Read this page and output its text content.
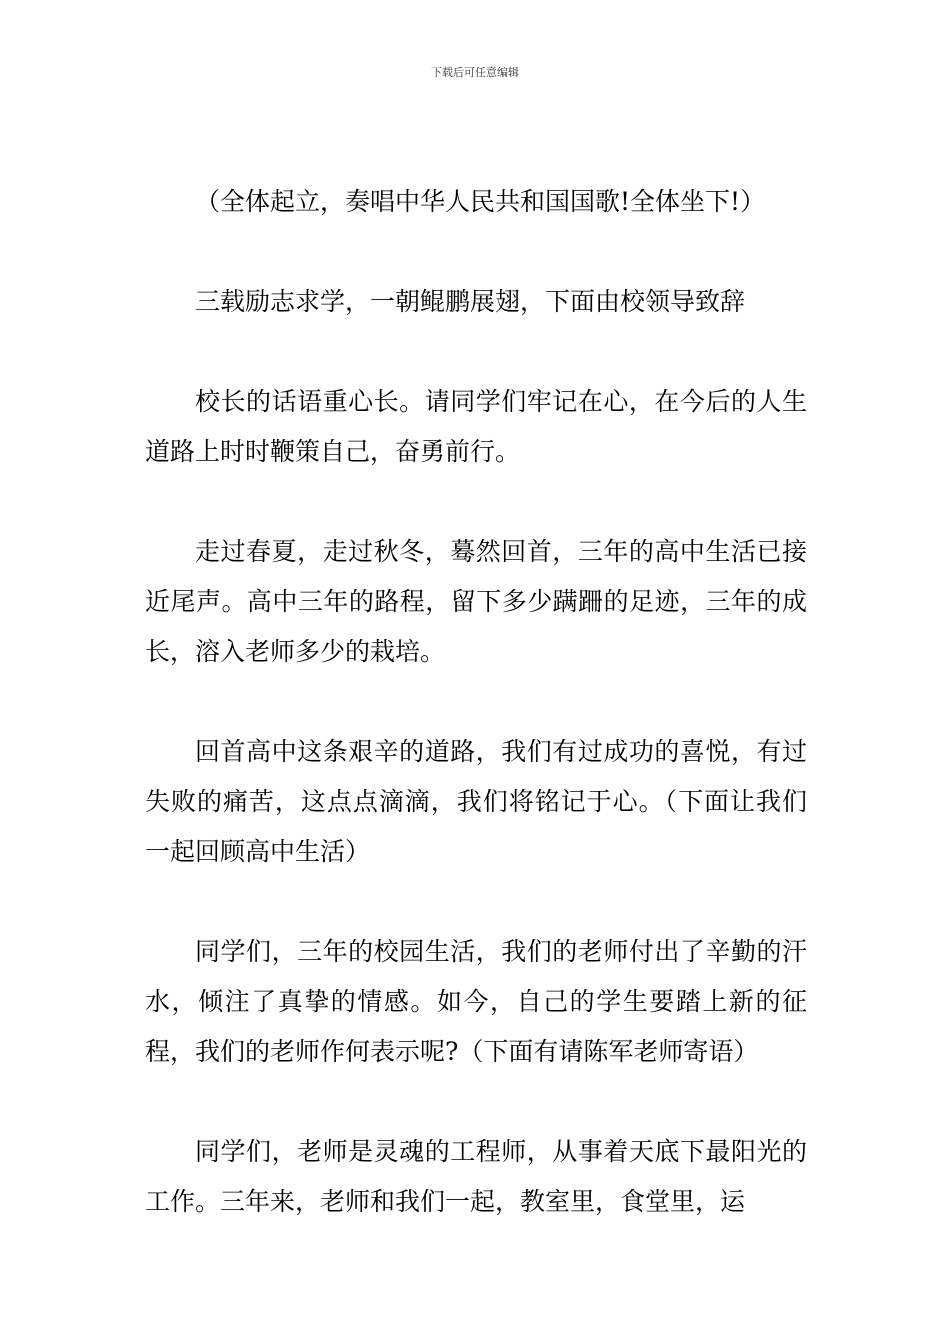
下载后可任意编辑

（全体起立，奏唱中华人民共和国国歌!全体坐下!）

三载励志求学，一朝鲲鹏展翅，下面由校领导致辞

校长的话语重心长。请同学们牢记在心，在今后的人生道路上时时鞭策自己，奋勇前行。

走过春夏，走过秋冬，蓦然回首，三年的高中生活已接近尾声。高中三年的路程，留下多少蹒跚的足迹，三年的成长，溶入老师多少的栽培。

回首高中这条艰辛的道路，我们有过成功的喜悦，有过失败的痛苦，这点点滴滴，我们将铭记于心。（下面让我们一起回顾高中生活）

同学们，三年的校园生活，我们的老师付出了辛勤的汗水，倾注了真挚的情感。如今，自己的学生要踏上新的征程，我们的老师作何表示呢?（下面有请陈军老师寄语）

同学们，老师是灵魂的工程师，从事着天底下最阳光的工作。三年来，老师和我们一起，教室里，食堂里，运
